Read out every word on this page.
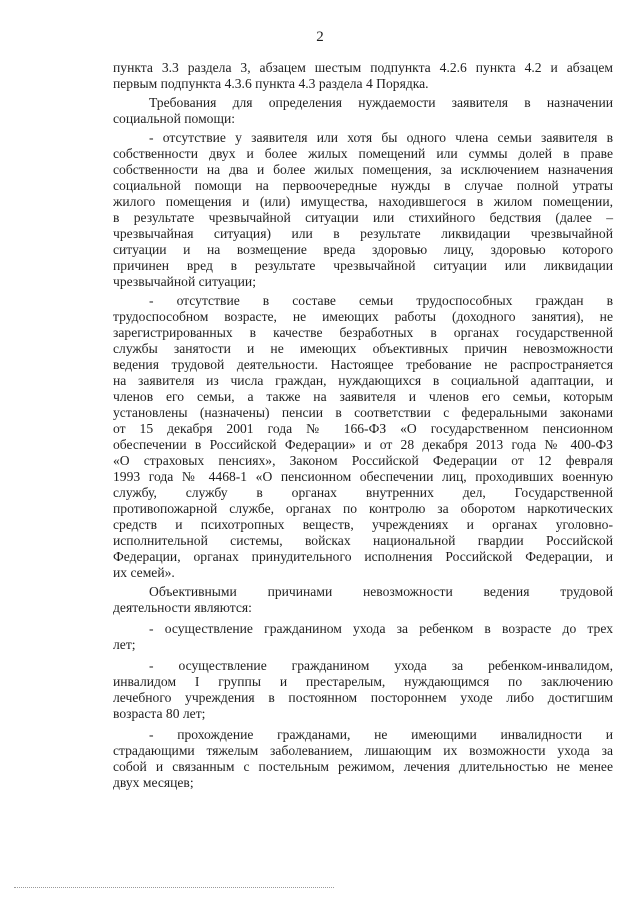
2
пункта 3.3 раздела 3, абзацем шестым подпункта 4.2.6 пункта 4.2 и абзацем
первым подпункта 4.3.6 пункта 4.3 раздела 4 Порядка.
Требования для определения нуждаемости заявителя в назначении
социальной помощи:
- отсутствие у заявителя или хотя бы одного члена семьи заявителя в
собственности двух и более жилых помещений или суммы долей в праве
собственности на два и более жилых помещения, за исключением назначения
социальной помощи на первоочередные нужды в случае полной утраты
жилого помещения и (или) имущества, находившегося в жилом помещении,
в результате чрезвычайной ситуации или стихийного бедствия (далее –
чрезвычайная ситуация) или в результате ликвидации чрезвычайной
ситуации и на возмещение вреда здоровью лицу, здоровью которого
причинен вред в результате чрезвычайной ситуации или ликвидации
чрезвычайной ситуации;
- отсутствие в составе семьи трудоспособных граждан в
трудоспособном возрасте, не имеющих работы (доходного занятия), не
зарегистрированных в качестве безработных в органах государственной
службы занятости и не имеющих объективных причин невозможности
ведения трудовой деятельности. Настоящее требование не распространяется
на заявителя из числа граждан, нуждающихся в социальной адаптации, и
членов его семьи, а также на заявителя и членов его семьи, которым
установлены (назначены) пенсии в соответствии с федеральными законами
от 15 декабря 2001 года № 166-ФЗ «О государственном пенсионном
обеспечении в Российской Федерации» и от 28 декабря 2013 года № 400-ФЗ
«О страховых пенсиях», Законом Российской Федерации от 12 февраля
1993 года № 4468-1 «О пенсионном обеспечении лиц, проходивших военную
службу, службу в органах внутренних дел, Государственной
противопожарной службе, органах по контролю за оборотом наркотических
средств и психотропных веществ, учреждениях и органах уголовно-
исполнительной системы, войсках национальной гвардии Российской
Федерации, органах принудительного исполнения Российской Федерации, и
их семей».
Объективными причинами невозможности ведения трудовой
деятельности являются:
- осуществление гражданином ухода за ребенком в возрасте до трех
лет;
- осуществление гражданином ухода за ребенком-инвалидом,
инвалидом I группы и престарелым, нуждающимся по заключению
лечебного учреждения в постоянном постороннем уходе либо достигшим
возраста 80 лет;
- прохождение гражданами, не имеющими инвалидности и
страдающими тяжелым заболеванием, лишающим их возможности ухода за
собой и связанным с постельным режимом, лечения длительностью не менее
двух месяцев;
